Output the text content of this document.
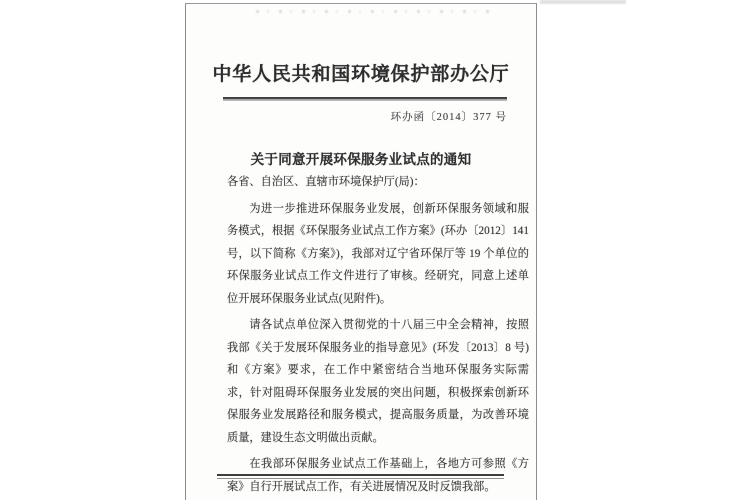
中华人民共和国环境保护部办公厅
环办函〔2014〕377 号
关于同意开展环保服务业试点的通知
各省、自治区、直辖市环境保护厅(局)：
为进一步推进环保服务业发展，创新环保服务领域和服务模式，根据《环保服务业试点工作方案》(环办〔2012〕141 号，以下简称《方案》)，我部对辽宁省环保厅等 19 个单位的环保服务业试点工作文件进行了审核。经研究，同意上述单位开展环保服务业试点(见附件)。
请各试点单位深入贯彻党的十八届三中全会精神，按照我部《关于发展环保服务业的指导意见》(环发〔2013〕8 号)和《方案》要求，在工作中紧密结合当地环保服务实际需求，针对阻碍环保服务业发展的突出问题，积极探索创新环保服务业发展路径和服务模式，提高服务质量，为改善环境质量，建设生态文明做出贡献。
在我部环保服务业试点工作基础上，各地方可参照《方案》自行开展试点工作，有关进展情况及时反馈我部。
